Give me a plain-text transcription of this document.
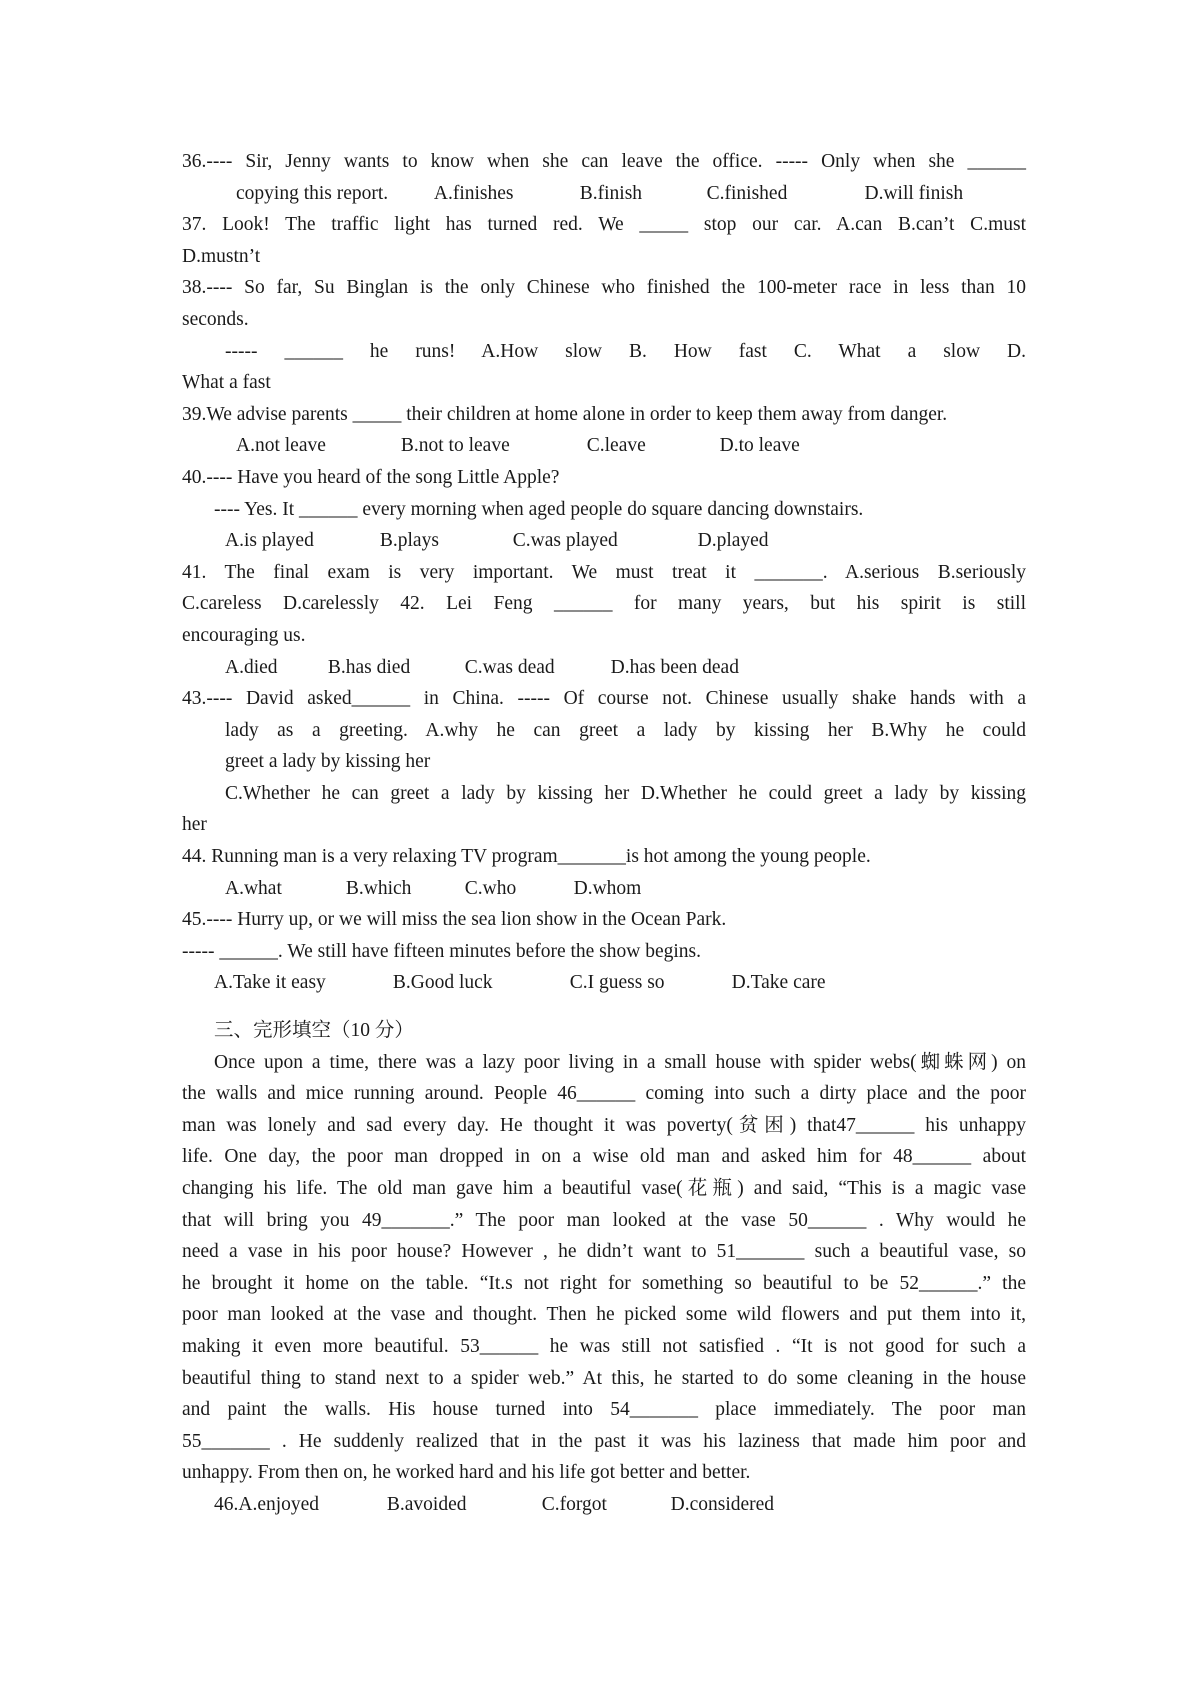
36.---- Sir, Jenny wants to know when she can leave the office. ----- Only when she ______
copying this report. A.finishes	B.finish	C.finished	D.will finish
37. Look! The traffic light has turned red. We _____ stop our car. A.can B.can’t C.must
D.mustn’t
38.---- So far, Su Binglan is the only Chinese who finished the 100-meter race in less than 10
seconds.
----- ______ he runs! A.How slow B. How fast C. What a slow D.
What a fast
39.We advise parents _____ their children at home alone in order to keep them away from danger.
A.not leave	B.not to leave	C.leave	D.to leave
40.---- Have you heard of the song Little Apple?
---- Yes. It ______ every morning when aged people do square dancing downstairs.
A.is played	B.plays	C.was played	D.played
41. The final exam is very important. We must treat it _______. A.serious B.seriously
C.careless D.carelessly 42. Lei Feng ______ for many years, but his spirit is still
encouraging us.
A.died	B.has died	C.was dead	D.has been dead
43.---- David asked______ in China. ----- Of course not. Chinese usually shake hands with a
lady as a greeting. A.why he can greet a lady by kissing her B.Why he could
greet a lady by kissing her
C.Whether he can greet a lady by kissing her D.Whether he could greet a lady by kissing
her
44. Running man is a very relaxing TV program_______is hot among the young people.
A.what	B.which	C.who	D.whom
45.---- Hurry up, or we will miss the sea lion show in the Ocean Park.
----- ______. We still have fifteen minutes before the show begins.
A.Take it easy	B.Good luck	C.I guess so	D.Take care
三、完形填空（10 分）
Once upon a time, there was a lazy poor living in a small house with spider webs(蜘蛛网) on
the walls and mice running around. People 46______ coming into such a dirty place and the poor
man was lonely and sad every day. He thought it was poverty(贫困) that47______ his unhappy
life. One day, the poor man dropped in on a wise old man and asked him for 48______ about
changing his life. The old man gave him a beautiful vase(花瓶) and said, “This is a magic vase
that will bring you 49_______.” The poor man looked at the vase 50______ . Why would he
need a vase in his poor house? However , he didn’t want to 51_______ such a beautiful vase, so
he brought it home on the table. “It.s not right for something so beautiful to be 52______.” the
poor man looked at the vase and thought. Then he picked some wild flowers and put them into it,
making it even more beautiful. 53______ he was still not satisfied . “It is not good for such a
beautiful thing to stand next to a spider web.” At this, he started to do some cleaning in the house
and paint the walls. His house turned into 54_______ place immediately. The poor man
55_______ . He suddenly realized that in the past it was his laziness that made him poor and
unhappy. From then on, he worked hard and his life got better and better.
46.A.enjoyed	B.avoided	C.forgot	D.considered
